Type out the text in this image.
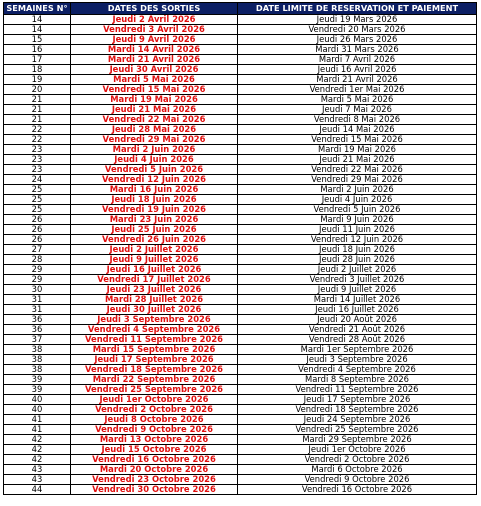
SEMAINES N°	DATES DES SORTIES	DATE LIMITE DE RESERVATION ET PAIEMENT
14	Jeudi 2 Avril 2026	Jeudi 19 Mars 2026
14	Vendredi 3 Avril 2026	Vendredi 20 Mars 2026
15	Jeudi 9 Avril 2026	Jeudi 26 Mars 2026
16	Mardi 14 Avril 2026	Mardi 31 Mars 2026
17	Mardi 21 Avril 2026	Mardi 7 Avril 2026
18	Jeudi 30 Avril 2026	Jeudi 16 Avril 2026
19	Mardi 5 Mai 2026	Mardi 21 Avril 2026
20	Vendredi 15 Mai 2026	Vendredi 1er Mai 2026
21	Mardi 19 Mai 2026	Mardi 5 Mai 2026
21	Jeudi 21 Mai 2026	Jeudi 7 Mai 2026
21	Vendredi 22 Mai 2026	Vendredi 8 Mai 2026
22	Jeudi 28 Mai 2026	Jeudi 14 Mai 2026
22	Vendredi 29 Mai 2026	Vendredi 15 Mai 2026
23	Mardi 2 Juin 2026	Mardi 19 Mai 2026
23	Jeudi 4 Juin 2026	Jeudi 21 Mai 2026
23	Vendredi 5 Juin 2026	Vendredi 22 Mai 2026
24	Vendredi 12 Juin 2026	Vendredi 29 Mai 2026
25	Mardi 16 Juin 2026	Mardi 2 Juin 2026
25	Jeudi 18 Juin 2026	Jeudi 4 Juin 2026
25	Vendredi 19 Juin 2026	Vendredi 5 Juin 2026
26	Mardi 23 Juin 2026	Mardi 9 Juin 2026
26	Jeudi 25 Juin 2026	Jeudi 11 Juin 2026
26	Vendredi 26 Juin 2026	Vendredi 12 Juin 2026
27	Jeudi 2 Juillet 2026	Jeudi 18 Juin 2026
28	Jeudi 9 Juillet 2026	Jeudi 28 Juin 2026
29	Jeudi 16 Juillet 2026	Jeudi 2 Juillet 2026
29	Vendredi 17 Juillet 2026	Vendredi 3 Juillet 2026
30	Jeudi 23 Juillet 2026	Jeudi 9 Juillet 2026
31	Mardi 28 Juillet 2026	Mardi 14 Juillet 2026
31	Jeudi 30 Juillet 2026	Jeudi 16 Juillet 2026
36	Jeudi 3 Septembre 2026	Jeudi 20 Août 2026
36	Vendredi 4 Septembre 2026	Vendredi 21 Août 2026
37	Vendredi 11 Septembre 2026	Vendredi 28 Août 2026
38	Mardi 15 Septembre 2026	Mardi 1er Septembre 2026
38	Jeudi 17 Septembre 2026	Jeudi 3 Septembre 2026
38	Vendredi 18 Septembre 2026	Vendredi 4 Septembre 2026
39	Mardi 22 Septembre 2026	Mardi 8 Septembre 2026
39	Vendredi 25 Septembre 2026	Vendredi 11 Septembre 2026
40	Jeudi 1er Octobre 2026	Jeudi 17 Septembre 2026
40	Vendredi 2 Octobre 2026	Vendredi 18 Septembre 2026
41	Jeudi 8 Octobre 2026	Jeudi 24 Septembre 2026
41	Vendredi 9 Octobre 2026	Vendredi 25 Septembre 2026
42	Mardi 13 Octobre 2026	Mardi 29 Septembre 2026
42	Jeudi 15 Octobre 2026	Jeudi 1er Octobre 2026
42	Vendredi 16 Octobre 2026	Vendredi 2 Octobre 2026
43	Mardi 20 Octobre 2026	Mardi 6 Octobre 2026
43	Vendredi 23 Octobre 2026	Vendredi 9 Octobre 2026
44	Vendredi 30 Octobre 2026	Vendredi 16 Octobre 2026
